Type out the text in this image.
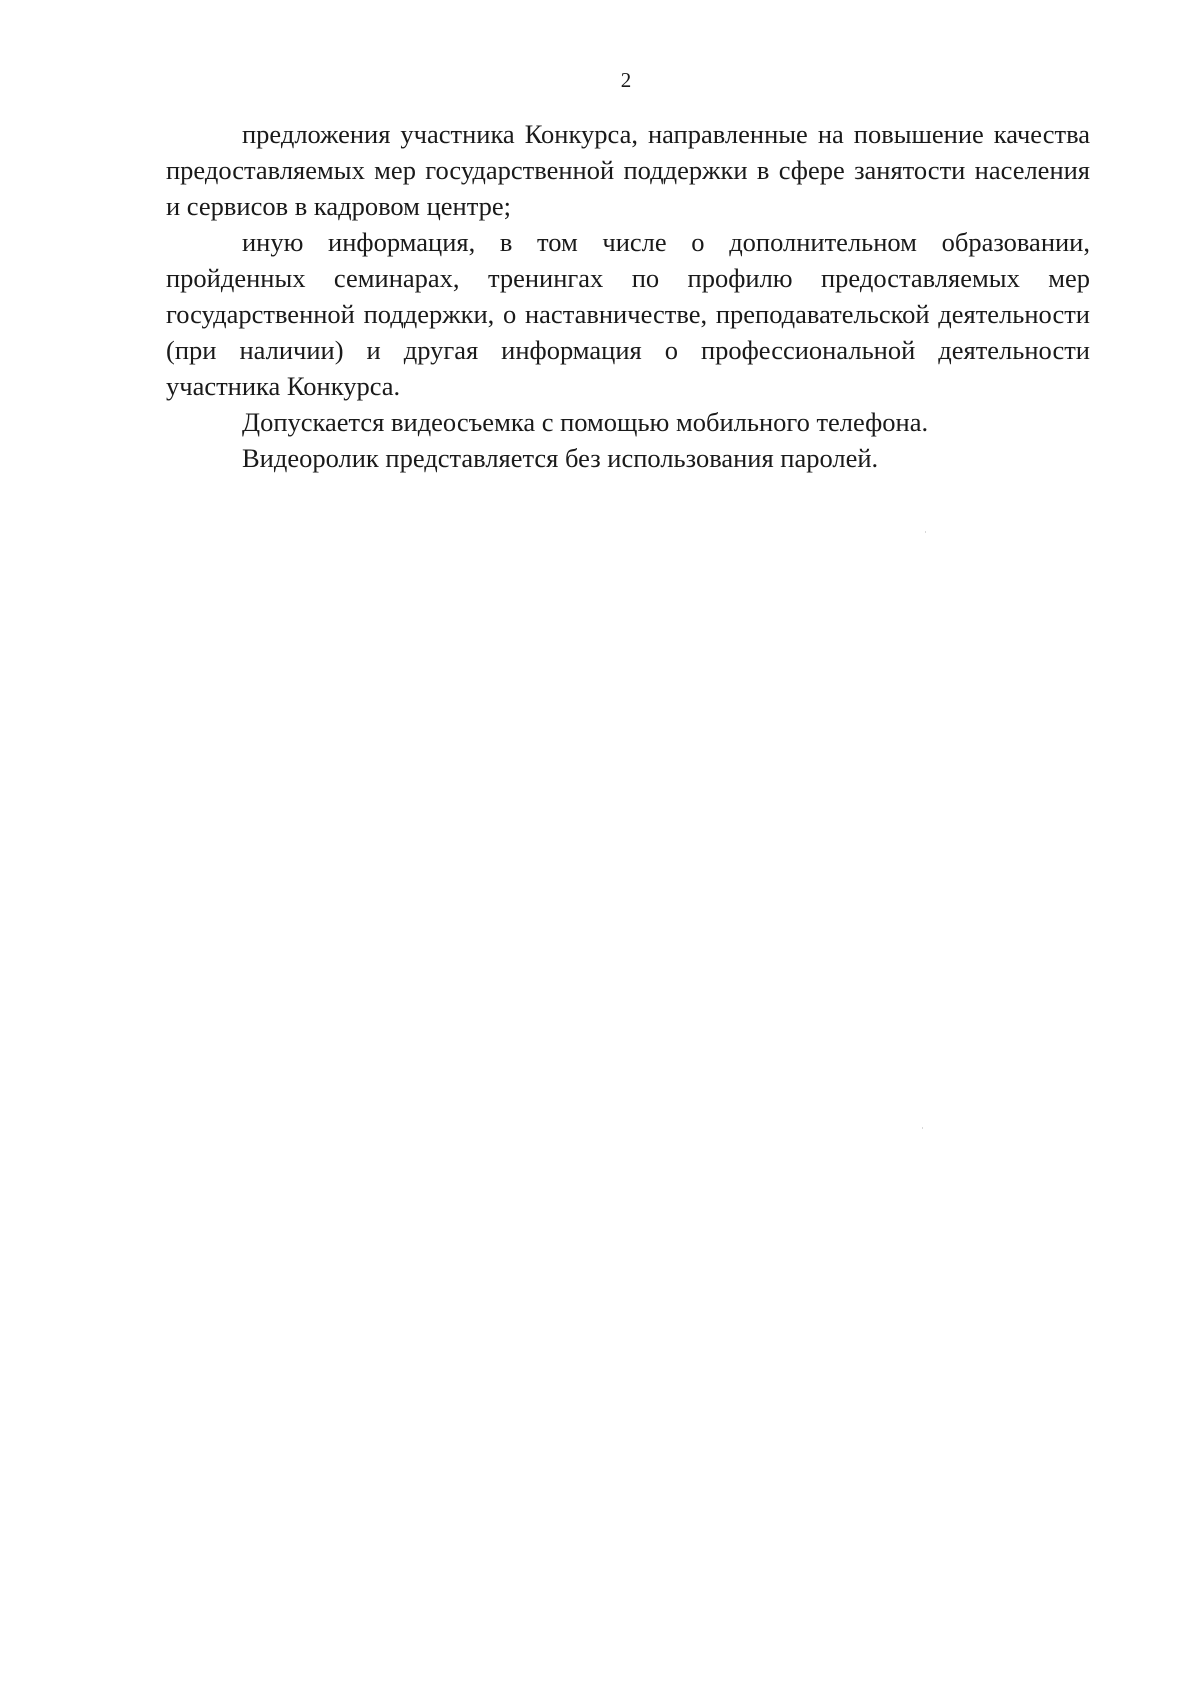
2

предложения участника Конкурса, направленные на повышение качества предоставляемых мер государственной поддержки в сфере занятости населения и сервисов в кадровом центре;

иную информация, в том числе о дополнительном образовании, пройденных семинарах, тренингах по профилю предоставляемых мер государственной поддержки, о наставничестве, преподавательской деятельности (при наличии) и другая информация о профессиональной деятельности участника Конкурса.

Допускается видеосъемка с помощью мобильного телефона.

Видеоролик представляется без использования паролей.
